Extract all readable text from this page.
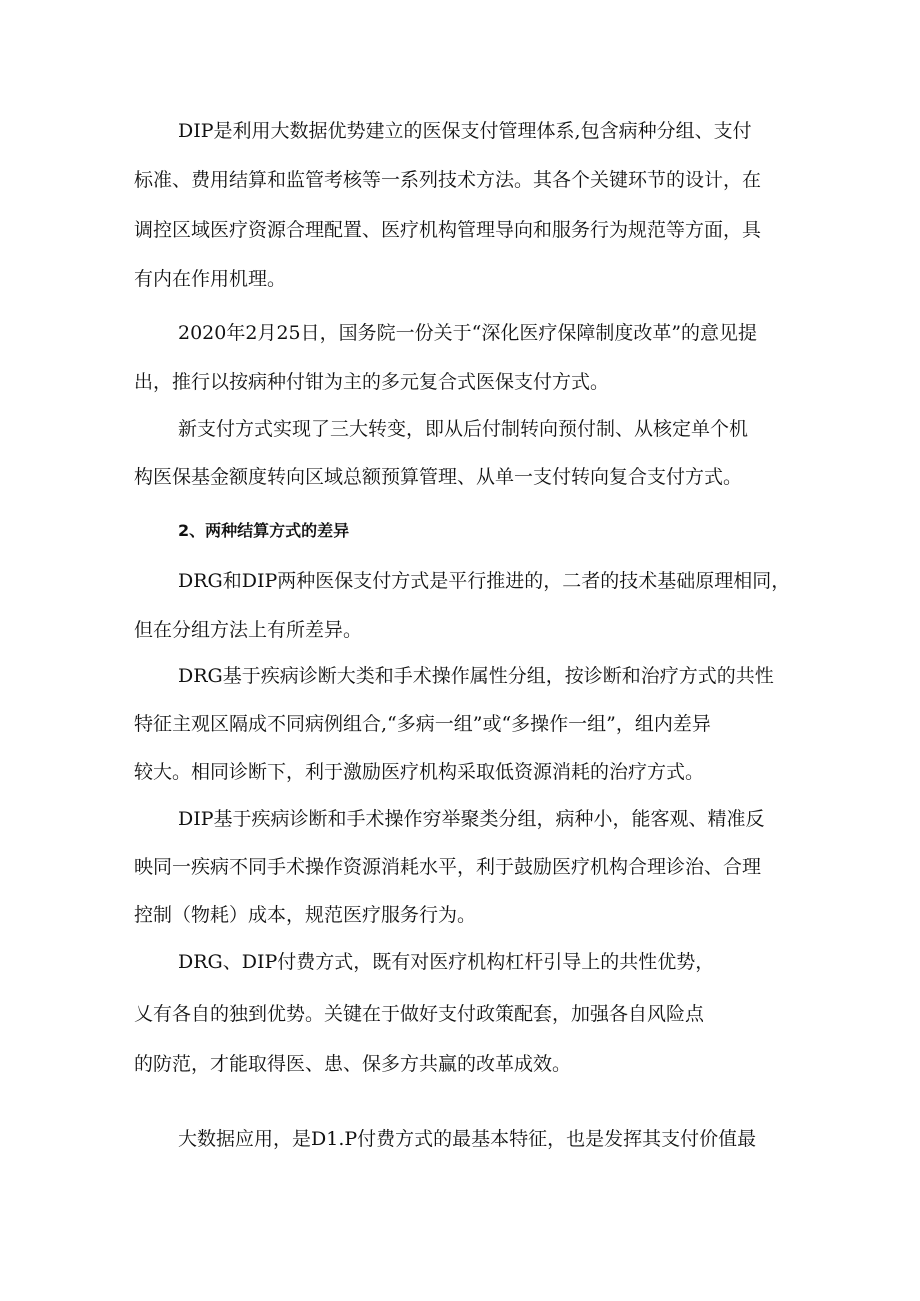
DIP是利用大数据优势建立的医保支付管理体系,包含病种分组、支付

标准、费用结算和监管考核等一系列技术方法。其各个关键环节的设计，在

调控区域医疗资源合理配置、医疗机构管理导向和服务行为规范等方面，具

有内在作用机理。

2020年2月25日，国务院一份关于“深化医疗保障制度改革”的意见提

出，推行以按病种付钳为主的多元复合式医保支付方式。

新支付方式实现了三大转变，即从后付制转向预付制、从核定单个机

构医保基金额度转向区域总额预算管理、从单一支付转向复合支付方式。

2、两种结算方式的差异

DRG和DIP两种医保支付方式是平行推进的，二者的技术基础原理相同，

但在分组方法上有所差异。

DRG基于疾病诊断大类和手术操作属性分组，按诊断和治疗方式的共性

特征主观区隔成不同病例组合,“多病一组”或“多操作一组”，组内差异

较大。相同诊断下，利于激励医疗机构采取低资源消耗的治疗方式。

DIP基于疾病诊断和手术操作穷举聚类分组，病种小，能客观、精准反

映同一疾病不同手术操作资源消耗水平，利于鼓励医疗机构合理诊治、合理

控制（物耗）成本，规范医疗服务行为。

DRG、DIP付费方式，既有对医疗机构杠杆引导上的共性优势，

乂有各自的独到优势。关键在于做好支付政策配套，加强各自风险点

的防范，才能取得医、患、保多方共赢的改革成效。

大数据应用，是D1.P付费方式的最基本特征，也是发挥其支付价值最
